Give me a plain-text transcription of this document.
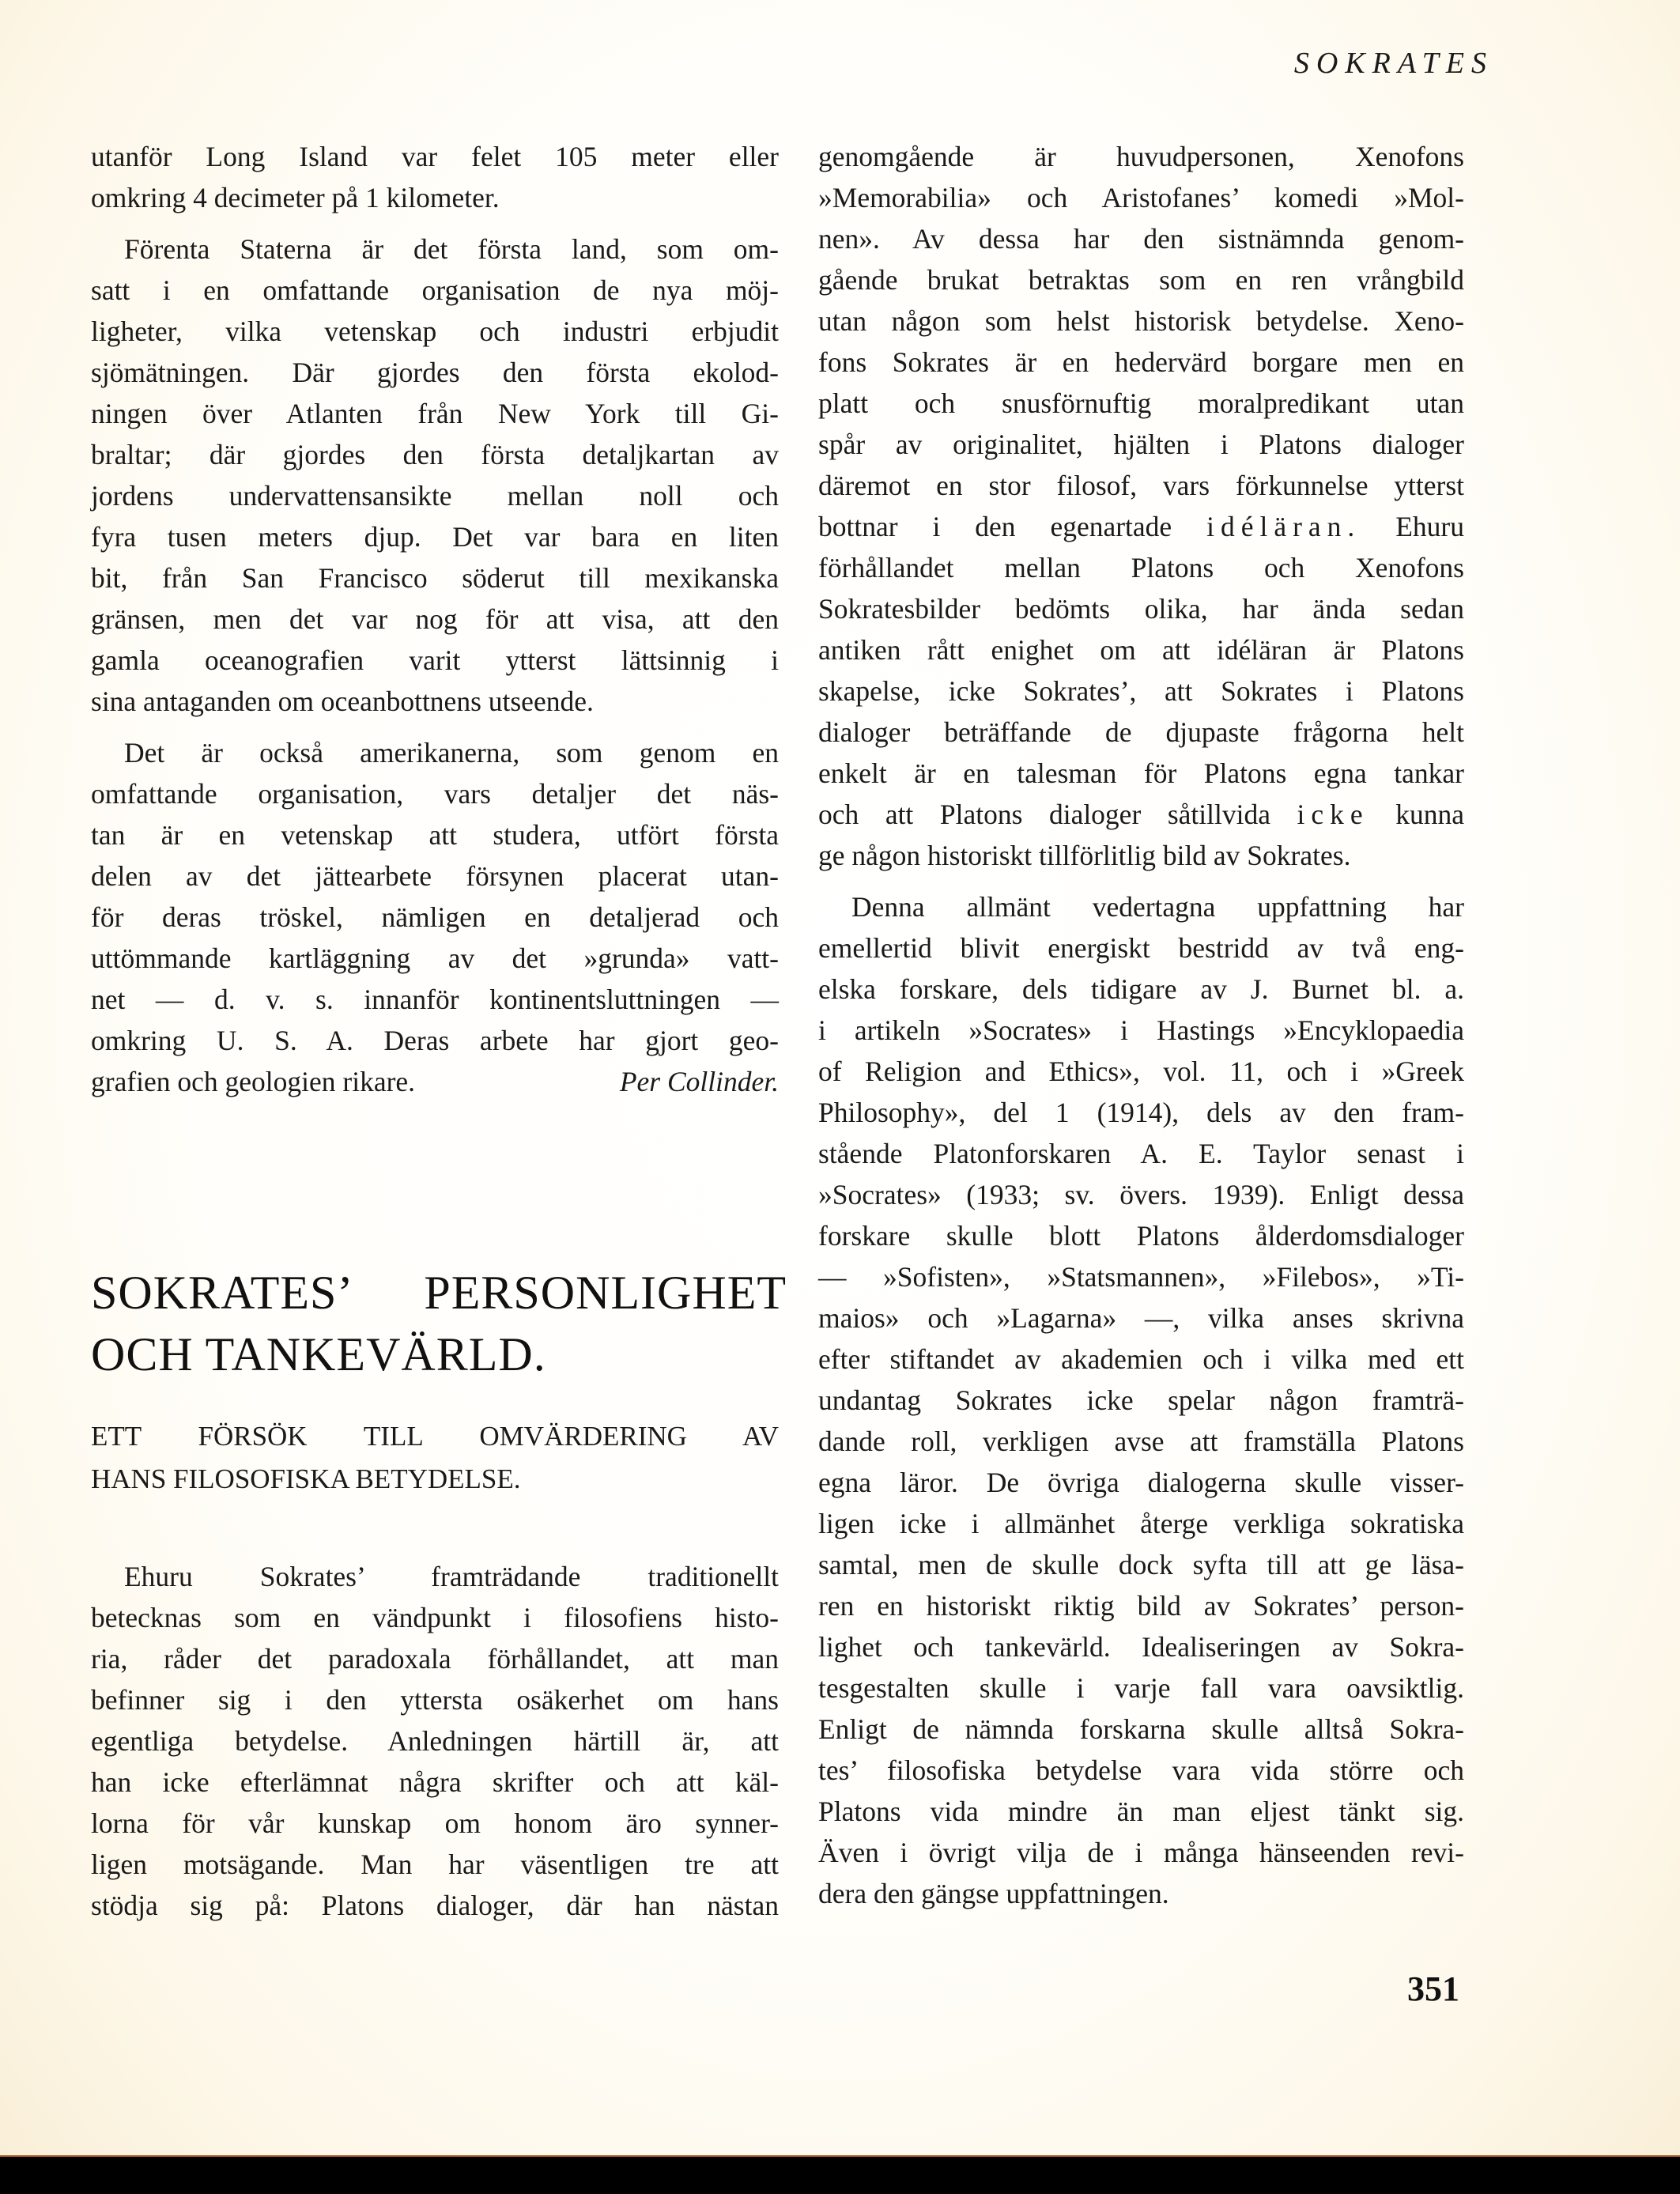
SOKRATES
utanför Long Island var felet 105 meter eller
omkring 4 decimeter på 1 kilometer.
Förenta Staterna är det första land, som om-
satt i en omfattande organisation de nya möj-
ligheter, vilka vetenskap och industri erbjudit
sjömätningen. Där gjordes den första ekolod-
ningen över Atlanten från New York till Gi-
braltar; där gjordes den första detaljkartan av
jordens undervattensansikte mellan noll och
fyra tusen meters djup. Det var bara en liten
bit, från San Francisco söderut till mexikanska
gränsen, men det var nog för att visa, att den
gamla oceanografien varit ytterst lättsinnig i
sina antaganden om oceanbottnens utseende.
Det är också amerikanerna, som genom en
omfattande organisation, vars detaljer det näs-
tan är en vetenskap att studera, utfört första
delen av det jättearbete försynen placerat utan-
för deras tröskel, nämligen en detaljerad och
uttömmande kartläggning av det »grunda» vatt-
net — d. v. s. innanför kontinentsluttningen —
omkring U. S. A. Deras arbete har gjort geo-
grafien och geologien rikare.	Per Collinder.
SOKRATES’ PERSONLIGHET
OCH TANKEVÄRLD.
ETT FÖRSÖK TILL OMVÄRDERING AV
HANS FILOSOFISKA BETYDELSE.
Ehuru Sokrates’ framträdande traditionellt
betecknas som en vändpunkt i filosofiens histo-
ria, råder det paradoxala förhållandet, att man
befinner sig i den yttersta osäkerhet om hans
egentliga betydelse. Anledningen härtill är, att
han icke efterlämnat några skrifter och att käl-
lorna för vår kunskap om honom äro synner-
ligen motsägande. Man har väsentligen tre att
stödja sig på: Platons dialoger, där han nästan
genomgående är huvudpersonen, Xenofons
»Memorabilia» och Aristofanes’ komedi »Mol-
nen». Av dessa har den sistnämnda genom-
gående brukat betraktas som en ren vrångbild
utan någon som helst historisk betydelse. Xeno-
fons Sokrates är en hedervärd borgare men en
platt och snusförnuftig moralpredikant utan
spår av originalitet, hjälten i Platons dialoger
däremot en stor filosof, vars förkunnelse ytterst
bottnar i den egenartade idéläran. Ehuru
förhållandet mellan Platons och Xenofons
Sokratesbilder bedömts olika, har ända sedan
antiken rått enighet om att idéläran är Platons
skapelse, icke Sokrates’, att Sokrates i Platons
dialoger beträffande de djupaste frågorna helt
enkelt är en talesman för Platons egna tankar
och att Platons dialoger såtillvida icke kunna
ge någon historiskt tillförlitlig bild av Sokrates.
Denna allmänt vedertagna uppfattning har
emellertid blivit energiskt bestridd av två eng-
elska forskare, dels tidigare av J. Burnet bl. a.
i artikeln »Socrates» i Hastings »Encyklopaedia
of Religion and Ethics», vol. 11, och i »Greek
Philosophy», del 1 (1914), dels av den fram-
stående Platonforskaren A. E. Taylor senast i
»Socrates» (1933; sv. övers. 1939). Enligt dessa
forskare skulle blott Platons ålderdomsdialoger
— »Sofisten», »Statsmannen», »Filebos», »Ti-
maios» och »Lagarna» —, vilka anses skrivna
efter stiftandet av akademien och i vilka med ett
undantag Sokrates icke spelar någon framträ-
dande roll, verkligen avse att framställa Platons
egna läror. De övriga dialogerna skulle visser-
ligen icke i allmänhet återge verkliga sokratiska
samtal, men de skulle dock syfta till att ge läsa-
ren en historiskt riktig bild av Sokrates’ person-
lighet och tankevärld. Idealiseringen av Sokra-
tesgestalten skulle i varje fall vara oavsiktlig.
Enligt de nämnda forskarna skulle alltså Sokra-
tes’ filosofiska betydelse vara vida större och
Platons vida mindre än man eljest tänkt sig.
Även i övrigt vilja de i många hänseenden revi-
dera den gängse uppfattningen.
351
